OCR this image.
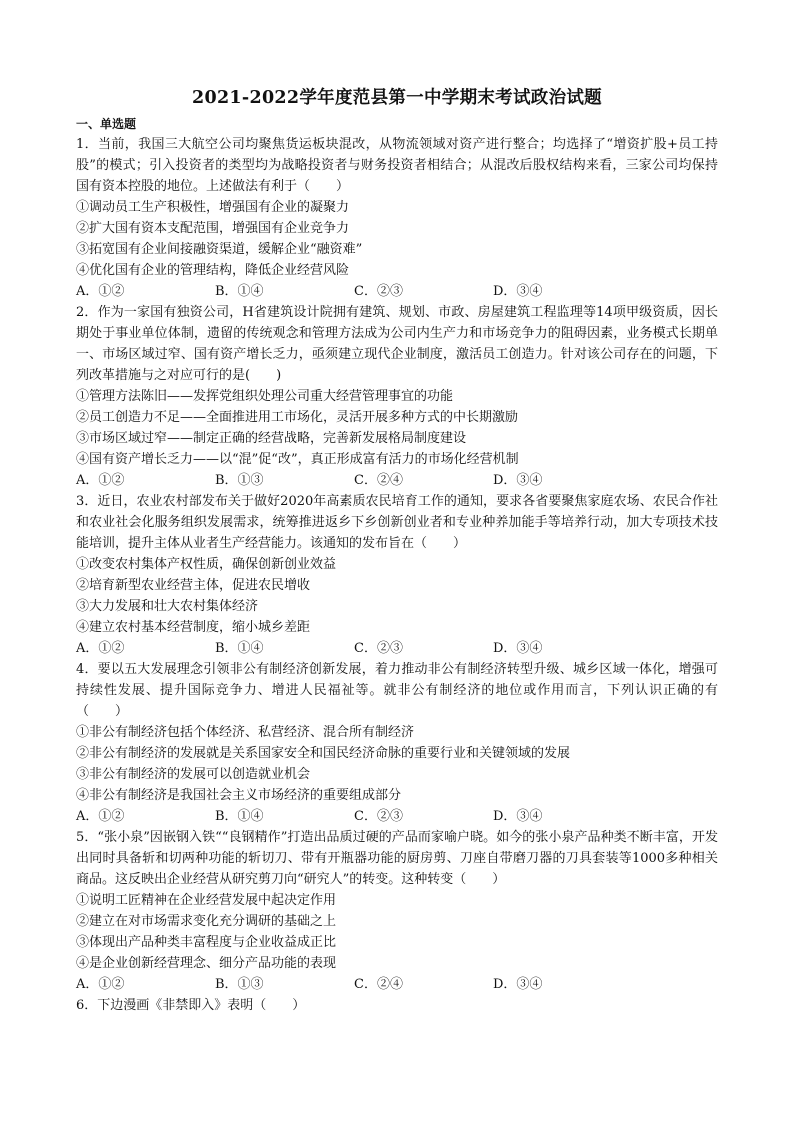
2021-2022学年度范县第一中学期末考试政治试题

一、单选题

1．当前，我国三大航空公司均聚焦货运板块混改，从物流领域对资产进行整合；均选择了“增资扩股+员工持股”的模式；引入投资者的类型均为战略投资者与财务投资者相结合；从混改后股权结构来看，三家公司均保持国有资本控股的地位。上述做法有利于（　　）

①调动员工生产积极性，增强国有企业的凝聚力

②扩大国有资本支配范围，增强国有企业竞争力

③拓宽国有企业间接融资渠道，缓解企业“融资难”

④优化国有企业的管理结构，降低企业经营风险

A．①②	B．①④	C．②③	D．③④

2．作为一家国有独资公司，H省建筑设计院拥有建筑、规划、市政、房屋建筑工程监理等14项甲级资质，因长期处于事业单位体制，遗留的传统观念和管理方法成为公司内生产力和市场竞争力的阻碍因素，业务模式长期单一、市场区域过窄、国有资产增长乏力，亟须建立现代企业制度，激活员工创造力。针对该公司存在的问题，下列改革措施与之对应可行的是(　　)

①管理方法陈旧——发挥党组织处理公司重大经营管理事宜的功能

②员工创造力不足——全面推进用工市场化，灵活开展多种方式的中长期激励

③市场区域过窄——制定正确的经营战略，完善新发展格局制度建设

④国有资产增长乏力——以“混”促“改”，真正形成富有活力的市场化经营机制

A．①②	B．①③	C．②④	D．③④

3．近日，农业农村部发布关于做好2020年高素质农民培育工作的通知，要求各省要聚焦家庭农场、农民合作社和农业社会化服务组织发展需求，统筹推进返乡下乡创新创业者和专业种养加能手等培养行动，加大专项技术技能培训，提升主体从业者生产经营能力。该通知的发布旨在（　　）

①改变农村集体产权性质，确保创新创业效益

②培育新型农业经营主体，促进农民增收

③大力发展和壮大农村集体经济

④建立农村基本经营制度，缩小城乡差距

A．①②	B．①④	C．②③	D．③④

4．要以五大发展理念引领非公有制经济创新发展，着力推动非公有制经济转型升级、城乡区域一体化，增强可持续性发展、提升国际竞争力、增进人民福祉等。就非公有制经济的地位或作用而言，下列认识正确的有（　　）

①非公有制经济包括个体经济、私营经济、混合所有制经济

②非公有制经济的发展就是关系国家安全和国民经济命脉的重要行业和关键领域的发展

③非公有制经济的发展可以创造就业机会

④非公有制经济是我国社会主义市场经济的重要组成部分

A．①②	B．①④	C．②③	D．③④

5．“张小泉”因嵌钢入铁““良钢精作”打造出品质过硬的产品而家喻户晓。如今的张小泉产品种类不断丰富，开发出同时具备斩和切两种功能的斩切刀、带有开瓶器功能的厨房剪、刀座自带磨刀器的刀具套装等1000多种相关商品。这反映出企业经营从研究剪刀向“研究人”的转变。这种转变（　　）

①说明工匠精神在企业经营发展中起决定作用

②建立在对市场需求变化充分调研的基础之上

③体现出产品种类丰富程度与企业收益成正比

④是企业创新经营理念、细分产品功能的表现

A．①②	B．①③	C．②④	D．③④

6．下边漫画《非禁即入》表明（　　）
